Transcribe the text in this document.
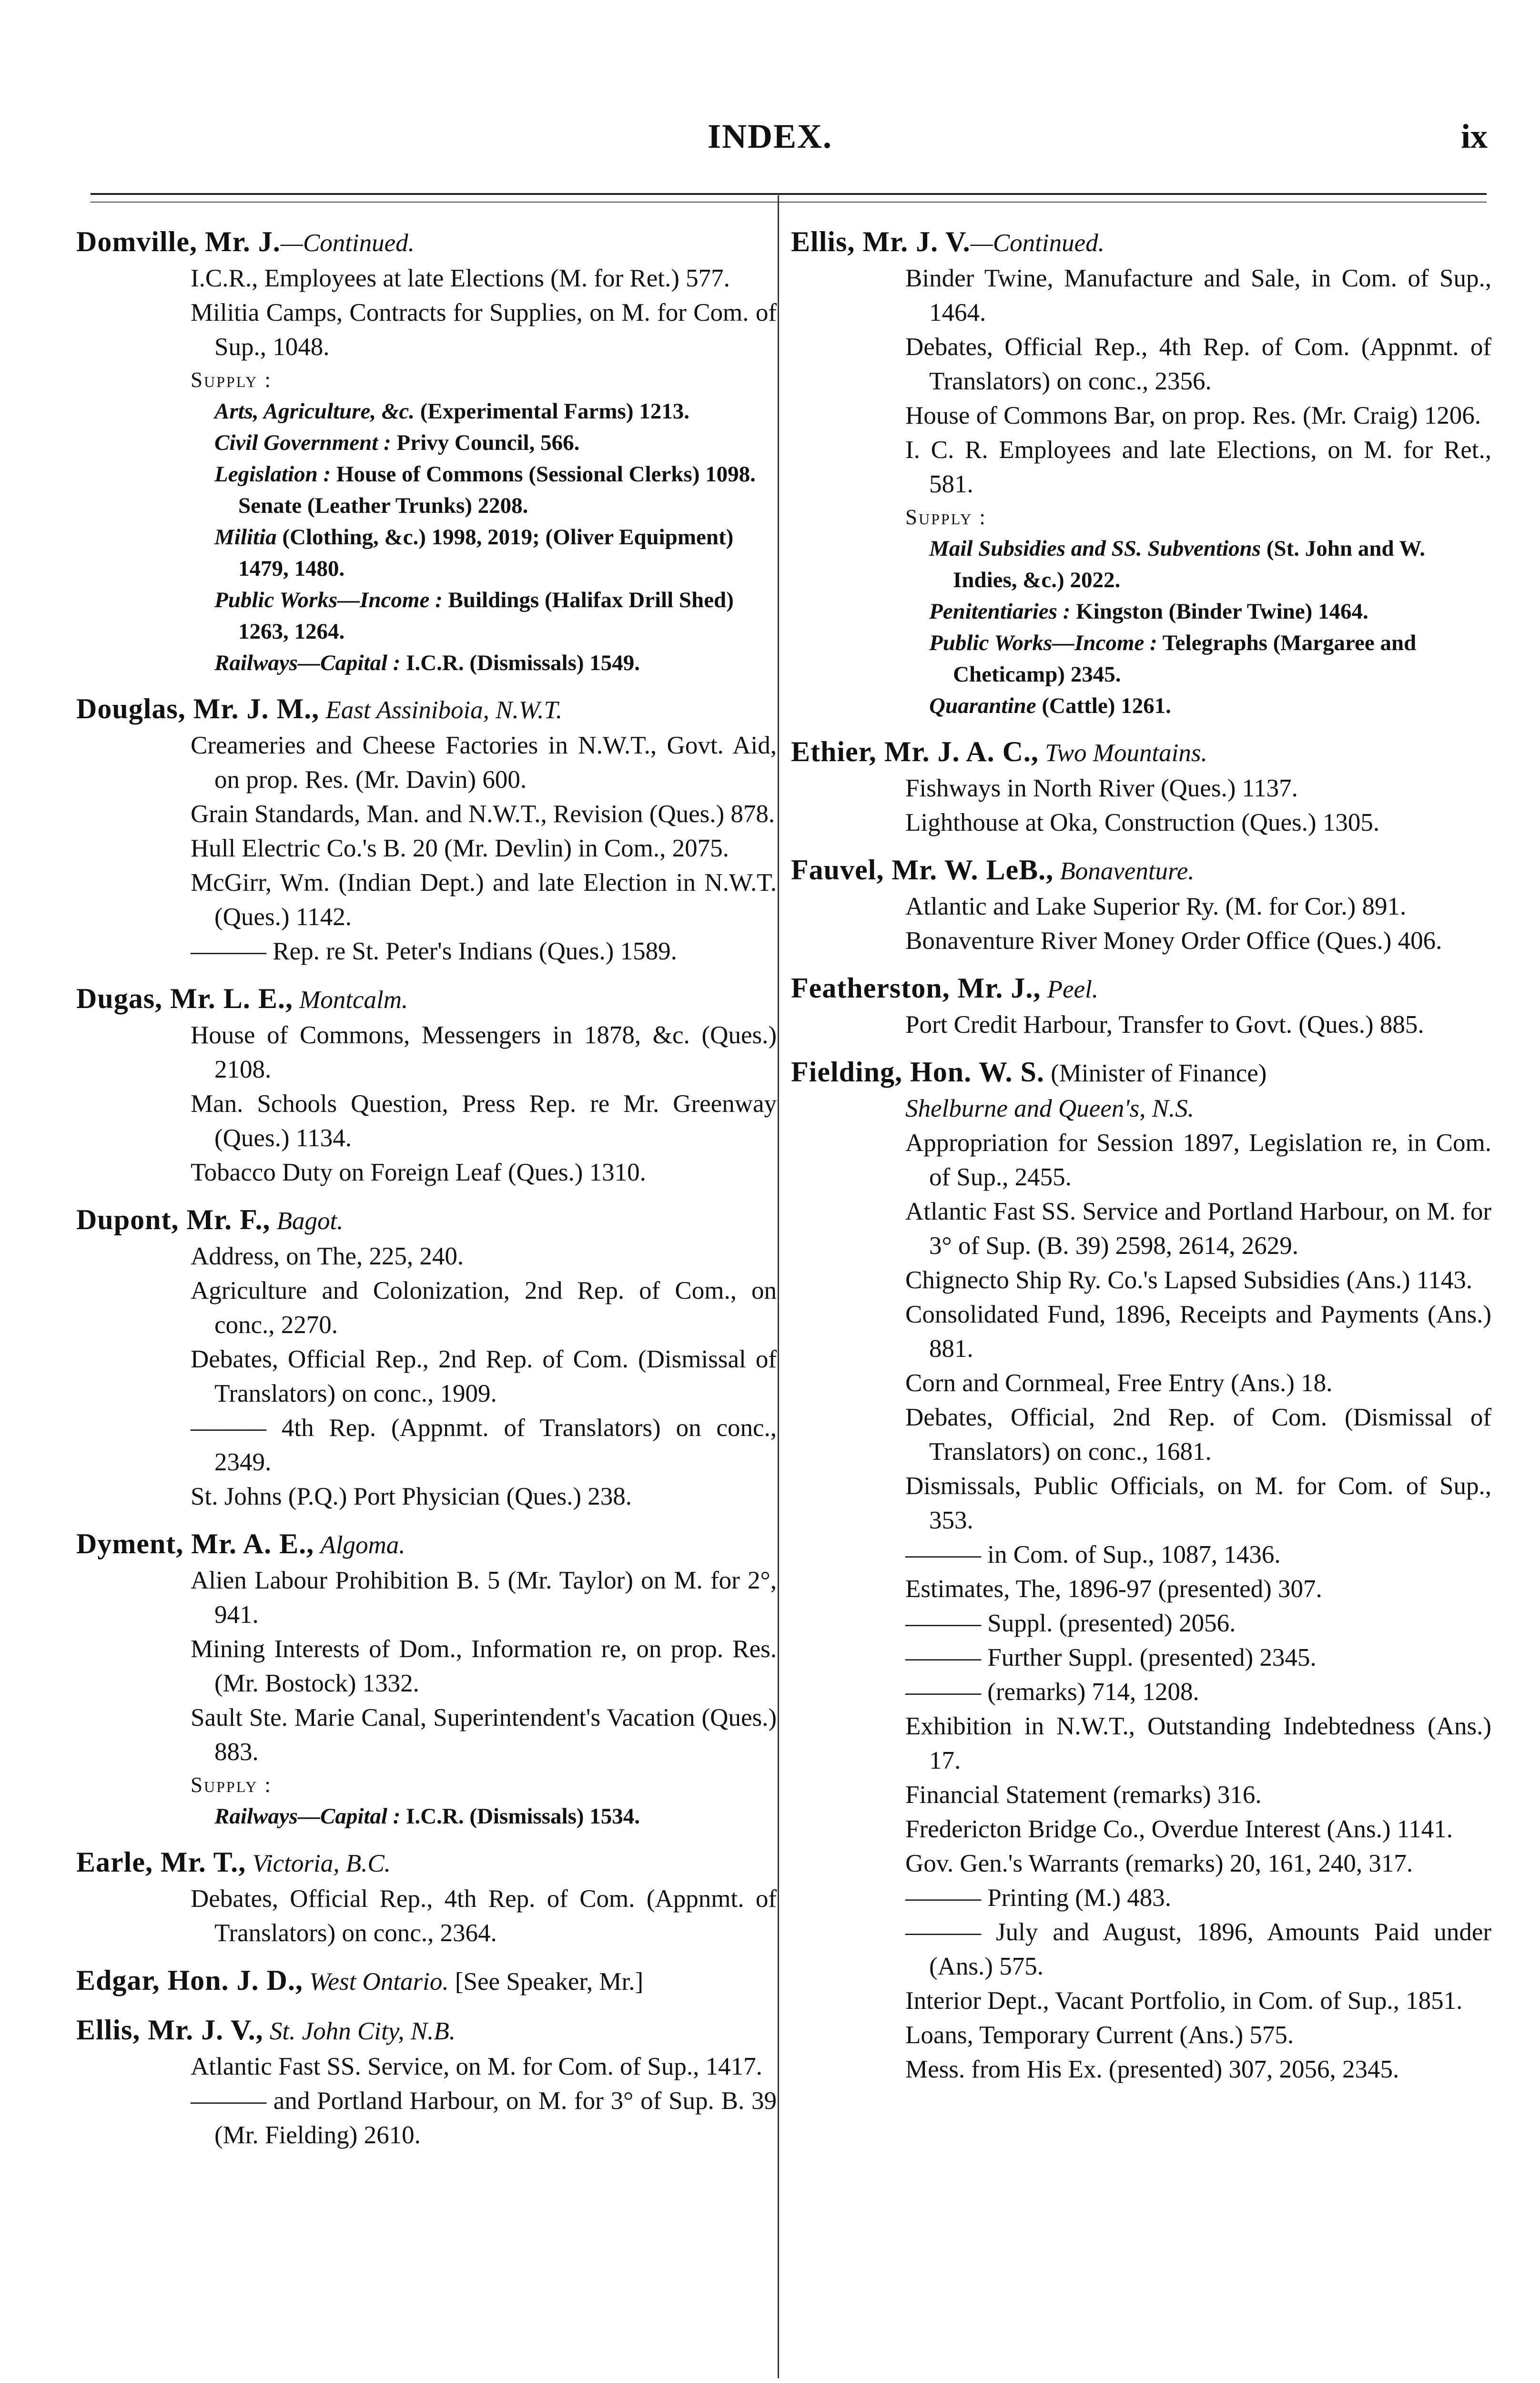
INDEX.	ix

Domville, Mr. J.—Continued.

I.C.R., Employees at late Elections (M. for Ret.) 577.

Militia Camps, Contracts for Supplies, on M. for Com. of Sup., 1048.

Supply :

Arts, Agriculture, &c. (Experimental Farms) 1213.

Civil Government : Privy Council, 566.

Legislation : House of Commons (Sessional Clerks) 1098. Senate (Leather Trunks) 2208.

Militia (Clothing, &c.) 1998, 2019; (Oliver Equipment) 1479, 1480.

Public Works—Income : Buildings (Halifax Drill Shed) 1263, 1264.

Railways—Capital : I.C.R. (Dismissals) 1549.

Douglas, Mr. J. M., East Assiniboia, N.W.T.

Creameries and Cheese Factories in N.W.T., Govt. Aid, on prop. Res. (Mr. Davin) 600.

Grain Standards, Man. and N.W.T., Revision (Ques.) 878.

Hull Electric Co.'s B. 20 (Mr. Devlin) in Com., 2075.

McGirr, Wm. (Indian Dept.) and late Election in N.W.T. (Ques.) 1142.

——— Rep. re St. Peter's Indians (Ques.) 1589.

Dugas, Mr. L. E., Montcalm.

House of Commons, Messengers in 1878, &c. (Ques.) 2108.

Man. Schools Question, Press Rep. re Mr. Greenway (Ques.) 1134.

Tobacco Duty on Foreign Leaf (Ques.) 1310.

Dupont, Mr. F., Bagot.

Address, on The, 225, 240.

Agriculture and Colonization, 2nd Rep. of Com., on conc., 2270.

Debates, Official Rep., 2nd Rep. of Com. (Dismissal of Translators) on conc., 1909.

——— 4th Rep. (Appnmt. of Translators) on conc., 2349.

St. Johns (P.Q.) Port Physician (Ques.) 238.

Dyment, Mr. A. E., Algoma.

Alien Labour Prohibition B. 5 (Mr. Taylor) on M. for 2°, 941.

Mining Interests of Dom., Information re, on prop. Res. (Mr. Bostock) 1332.

Sault Ste. Marie Canal, Superintendent's Vacation (Ques.) 883.

Supply :

Railways—Capital : I.C.R. (Dismissals) 1534.

Earle, Mr. T., Victoria, B.C.

Debates, Official Rep., 4th Rep. of Com. (Appnmt. of Translators) on conc., 2364.

Edgar, Hon. J. D., West Ontario. [See Speaker, Mr.]

Ellis, Mr. J. V., St. John City, N.B.

Atlantic Fast SS. Service, on M. for Com. of Sup., 1417.

——— and Portland Harbour, on M. for 3° of Sup. B. 39 (Mr. Fielding) 2610.

Ellis, Mr. J. V.—Continued.

Binder Twine, Manufacture and Sale, in Com. of Sup., 1464.

Debates, Official Rep., 4th Rep. of Com. (Appnmt. of Translators) on conc., 2356.

House of Commons Bar, on prop. Res. (Mr. Craig) 1206.

I. C. R. Employees and late Elections, on M. for Ret., 581.

Supply :

Mail Subsidies and SS. Subventions (St. John and W. Indies, &c.) 2022.

Penitentiaries : Kingston (Binder Twine) 1464.

Public Works—Income : Telegraphs (Margaree and Cheticamp) 2345.

Quarantine (Cattle) 1261.

Ethier, Mr. J. A. C., Two Mountains.

Fishways in North River (Ques.) 1137.

Lighthouse at Oka, Construction (Ques.) 1305.

Fauvel, Mr. W. LeB., Bonaventure.

Atlantic and Lake Superior Ry. (M. for Cor.) 891.

Bonaventure River Money Order Office (Ques.) 406.

Featherston, Mr. J., Peel.

Port Credit Harbour, Transfer to Govt. (Ques.) 885.

Fielding, Hon. W. S. (Minister of Finance)

Shelburne and Queen's, N.S.

Appropriation for Session 1897, Legislation re, in Com. of Sup., 2455.

Atlantic Fast SS. Service and Portland Harbour, on M. for 3° of Sup. (B. 39) 2598, 2614, 2629.

Chignecto Ship Ry. Co.'s Lapsed Subsidies (Ans.) 1143.

Consolidated Fund, 1896, Receipts and Payments (Ans.) 881.

Corn and Cornmeal, Free Entry (Ans.) 18.

Debates, Official, 2nd Rep. of Com. (Dismissal of Translators) on conc., 1681.

Dismissals, Public Officials, on M. for Com. of Sup., 353.

——— in Com. of Sup., 1087, 1436.

Estimates, The, 1896-97 (presented) 307.

——— Suppl. (presented) 2056.

——— Further Suppl. (presented) 2345.

——— (remarks) 714, 1208.

Exhibition in N.W.T., Outstanding Indebtedness (Ans.) 17.

Financial Statement (remarks) 316.

Fredericton Bridge Co., Overdue Interest (Ans.) 1141.

Gov. Gen.'s Warrants (remarks) 20, 161, 240, 317.

——— Printing (M.) 483.

——— July and August, 1896, Amounts Paid under (Ans.) 575.

Interior Dept., Vacant Portfolio, in Com. of Sup., 1851.

Loans, Temporary Current (Ans.) 575.

Mess. from His Ex. (presented) 307, 2056, 2345.
